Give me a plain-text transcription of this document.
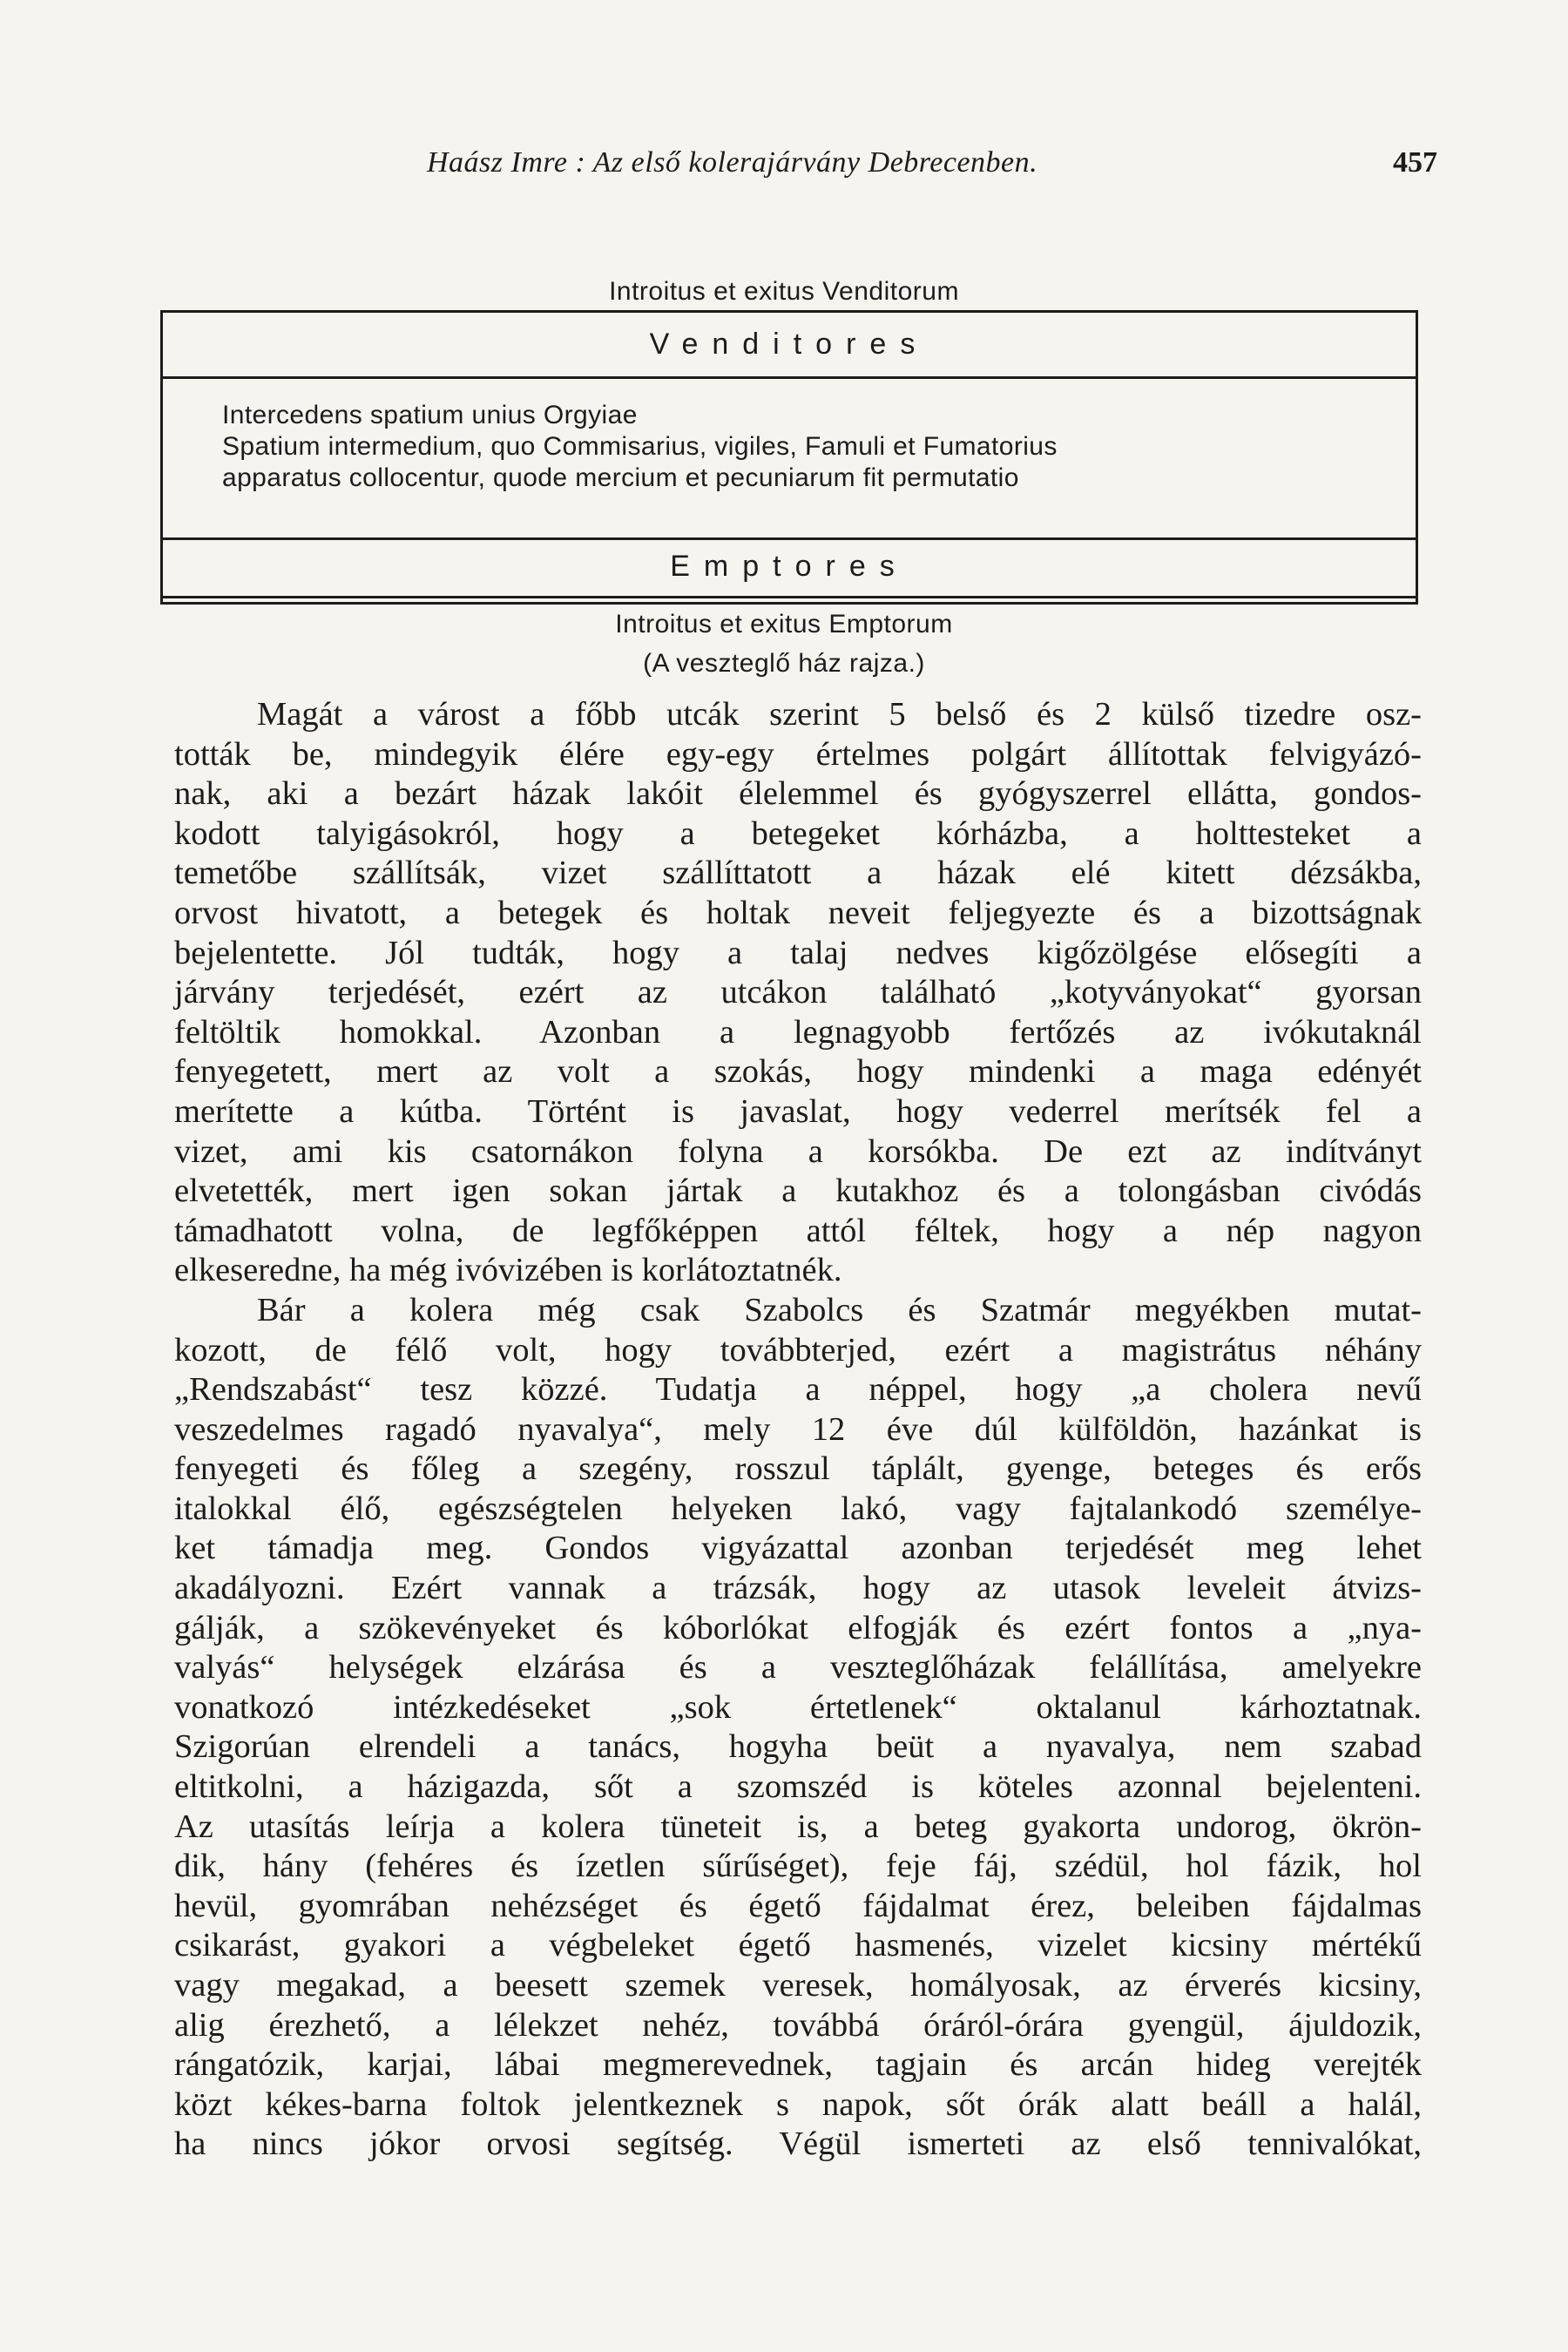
Haász Imre : Az első kolerajárvány Debrecenben.	457
Introitus et exitus Venditorum
Venditores
Intercedens spatium unius Orgyiae
Spatium intermedium, quo Commisarius, vigiles, Famuli et Fumatorius
apparatus collocentur, quode mercium et pecuniarum fit permutatio
Emptores
Introitus et exitus Emptorum
(A veszteglő ház rajza.)
Magát a várost a főbb utcák szerint 5 belső és 2 külső tizedre osz-
tották be, mindegyik élére egy-egy értelmes polgárt állítottak felvigyázó-
nak, aki a bezárt házak lakóit élelemmel és gyógyszerrel ellátta, gondos-
kodott talyigásokról, hogy a betegeket kórházba, a holttesteket a
temetőbe szállítsák, vizet szállíttatott a házak elé kitett dézsákba,
orvost hivatott, a betegek és holtak neveit feljegyezte és a bizottságnak
bejelentette. Jól tudták, hogy a talaj nedves kigőzölgése elősegíti a
járvány terjedését, ezért az utcákon található „kotyványokat“ gyorsan
feltöltik homokkal. Azonban a legnagyobb fertőzés az ivókutaknál
fenyegetett, mert az volt a szokás, hogy mindenki a maga edényét
merítette a kútba. Történt is javaslat, hogy vederrel merítsék fel a
vizet, ami kis csatornákon folyna a korsókba. De ezt az indítványt
elvetették, mert igen sokan jártak a kutakhoz és a tolongásban civódás
támadhatott volna, de legfőképpen attól féltek, hogy a nép nagyon
elkeseredne, ha még ivóvizében is korlátoztatnék.
Bár a kolera még csak Szabolcs és Szatmár megyékben mutat-
kozott, de félő volt, hogy továbbterjed, ezért a magistrátus néhány
„Rendszabást“ tesz közzé. Tudatja a néppel, hogy „a cholera nevű
veszedelmes ragadó nyavalya“, mely 12 éve dúl külföldön, hazánkat is
fenyegeti és főleg a szegény, rosszul táplált, gyenge, beteges és erős
italokkal élő, egészségtelen helyeken lakó, vagy fajtalankodó személye-
ket támadja meg. Gondos vigyázattal azonban terjedését meg lehet
akadályozni. Ezért vannak a trázsák, hogy az utasok leveleit átvizs-
gálják, a szökevényeket és kóborlókat elfogják és ezért fontos a „nya-
valyás“ helységek elzárása és a veszteglőházak felállítása, amelyekre
vonatkozó intézkedéseket „sok értetlenek“ oktalanul kárhoztatnak.
Szigorúan elrendeli a tanács, hogyha beüt a nyavalya, nem szabad
eltitkolni, a házigazda, sőt a szomszéd is köteles azonnal bejelenteni.
Az utasítás leírja a kolera tüneteit is, a beteg gyakorta undorog, ökrön-
dik, hány (fehéres és ízetlen sűrűséget), feje fáj, szédül, hol fázik, hol
hevül, gyomrában nehézséget és égető fájdalmat érez, beleiben fájdalmas
csikarást, gyakori a végbeleket égető hasmenés, vizelet kicsiny mértékű
vagy megakad, a beesett szemek veresek, homályosak, az érverés kicsiny,
alig érezhető, a lélekzet nehéz, továbbá óráról-órára gyengül, ájuldozik,
rángatózik, karjai, lábai megmerevednek, tagjain és arcán hideg verejték
közt kékes-barna foltok jelentkeznek s napok, sőt órák alatt beáll a halál,
ha nincs jókor orvosi segítség. Végül ismerteti az első tennivalókat,
